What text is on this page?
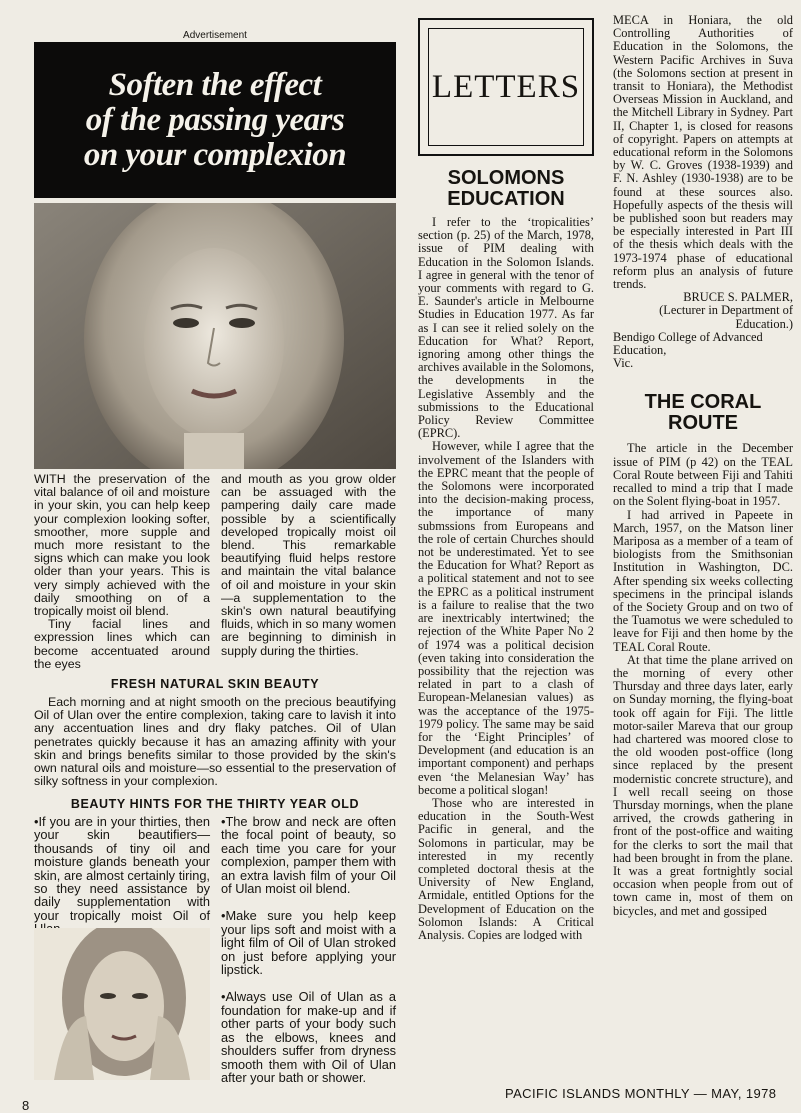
Advertisement
Soften the effect
of the passing years
on your complexion

WITH the preservation of the vital balance of oil and moisture in your skin, you can help keep your complexion looking softer, smoother, more supple and much more resistant to the signs which can make you look older than your years. This is very simply achieved with the daily smoothing on of a tropically moist oil blend.

Tiny facial lines and expression lines which can become accentuated around the eyes

and mouth as you grow older can be assuaged with the pampering daily care made possible by a scientifically developed tropically moist oil blend. This remarkable beautifying fluid helps restore and maintain the vital balance of oil and moisture in your skin—a supplementation to the skin's own natural beautifying fluids, which in so many women are beginning to diminish in supply during the thirties.

FRESH NATURAL SKIN BEAUTY

Each morning and at night smooth on the precious beautifying Oil of Ulan over the entire complexion, taking care to lavish it into any accentuation lines and dry flaky patches. Oil of Ulan penetrates quickly because it has an amazing affinity with your skin and brings benefits similar to those provided by the skin's own natural oils and moisture—so essential to the preservation of silky softness in your complexion.

BEAUTY HINTS FOR THE THIRTY YEAR OLD

•If you are in your thirties, then your skin beautifiers—thousands of tiny oil and moisture glands beneath your skin, are almost certainly tiring, so they need assistance by daily supplementation with your tropically moist Oil of

•The brow and neck are often the focal point of beauty, so each time you care for your complexion, pamper them with an extra lavish film of your Oil of Ulan moist oil blend.

•Make sure you help keep your lips soft and moist with a light film of Oil of Ulan stroked on just before applying your lipstick.

•Always use Oil of Ulan as a foundation for make-up and if other parts of your body such as the elbows, knees and shoulders suffer from dryness smooth them with Oil of Ulan after your bath or shower.

LETTERS
SOLOMONS EDUCATION

I refer to the ‘tropicalities’ section (p. 25) of the March, 1978, issue of PIM dealing with Education in the Solomon Islands. I agree in general with the tenor of your comments with regard to G. E. Saunder's article in Melbourne Studies in Education 1977. As far as I can see it relied solely on the Education for What? Report, ignoring among other things the archives available in the Solomons, the developments in the Legislative Assembly and the submissions to the Educational Policy Review Committee (EPRC).

However, while I agree that the involvement of the Islanders with the EPRC meant that the people of the Solomons were incorporated into the decision-making process, the importance of many submssions from Europeans and the role of certain Churches should not be underestimated. Yet to see the Education for What? Report as a political statement and not to see the EPRC as a political instrument is a failure to realise that the two are inextricably intertwined; the rejection of the White Paper No 2 of 1974 was a political decision (even taking into consideration the possibility that the rejection was related in part to a clash of European-Melanesian values) as was the acceptance of the 1975-1979 policy. The same may be said for the ‘Eight Principles’ of Development (and education is an important component) and perhaps even ‘the Melanesian Way’ has become a political slogan!

Those who are interested in education in the South-West Pacific in general, and the Solomons in particular, may be interested in my recently completed doctoral thesis at the University of New England, Armidale, entitled Options for the Development of Education on the Solomon Islands: A Critical Analysis. Copies are lodged with

MECA in Honiara, the old Controlling Authorities of Education in the Solomons, the Western Pacific Archives in Suva (the Solomons section at present in transit to Honiara), the Methodist Overseas Mission in Auckland, and the Mitchell Library in Sydney. Part II, Chapter 1, is closed for reasons of copyright. Papers on attempts at educational reform in the Solomons by W. C. Groves (1938-1939) and F. N. Ashley (1930-1938) are to be found at these sources also. Hopefully aspects of the thesis will be published soon but readers may be especially interested in Part III of the thesis which deals with the 1973-1974 phase of educational reform plus an analysis of future trends.

BRUCE S. PALMER,

(Lecturer in Department of Education.)

Bendigo College of Advanced Education,

Vic.

THE CORAL ROUTE

The article in the December issue of PIM (p 42) on the TEAL Coral Route between Fiji and Tahiti recalled to mind a trip that I made on the Solent flying-boat in 1957.

I had arrived in Papeete in March, 1957, on the Matson liner Mariposa as a member of a team of biologists from the Smithsonian Institution in Washington, DC. After spending six weeks collecting specimens in the principal islands of the Society Group and on two of the Tuamotus we were scheduled to leave for Fiji and then home by the TEAL Coral Route.

At that time the plane arrived on the morning of every other Thursday and three days later, early on Sunday morning, the flying-boat took off again for Fiji. The little motor-sailer Mareva that our group had chartered was moored close to the old wooden post-office (long since replaced by the present modernistic concrete structure), and I well recall seeing on those Thursday mornings, when the plane arrived, the crowds gathering in front of the post-office and waiting for the clerks to sort the mail that had been brought in from the plane. It was a great fortnightly social occasion when people from out of town came in, most of them on bicycles, and met and gossiped

8
PACIFIC ISLANDS MONTHLY — MAY, 1978
